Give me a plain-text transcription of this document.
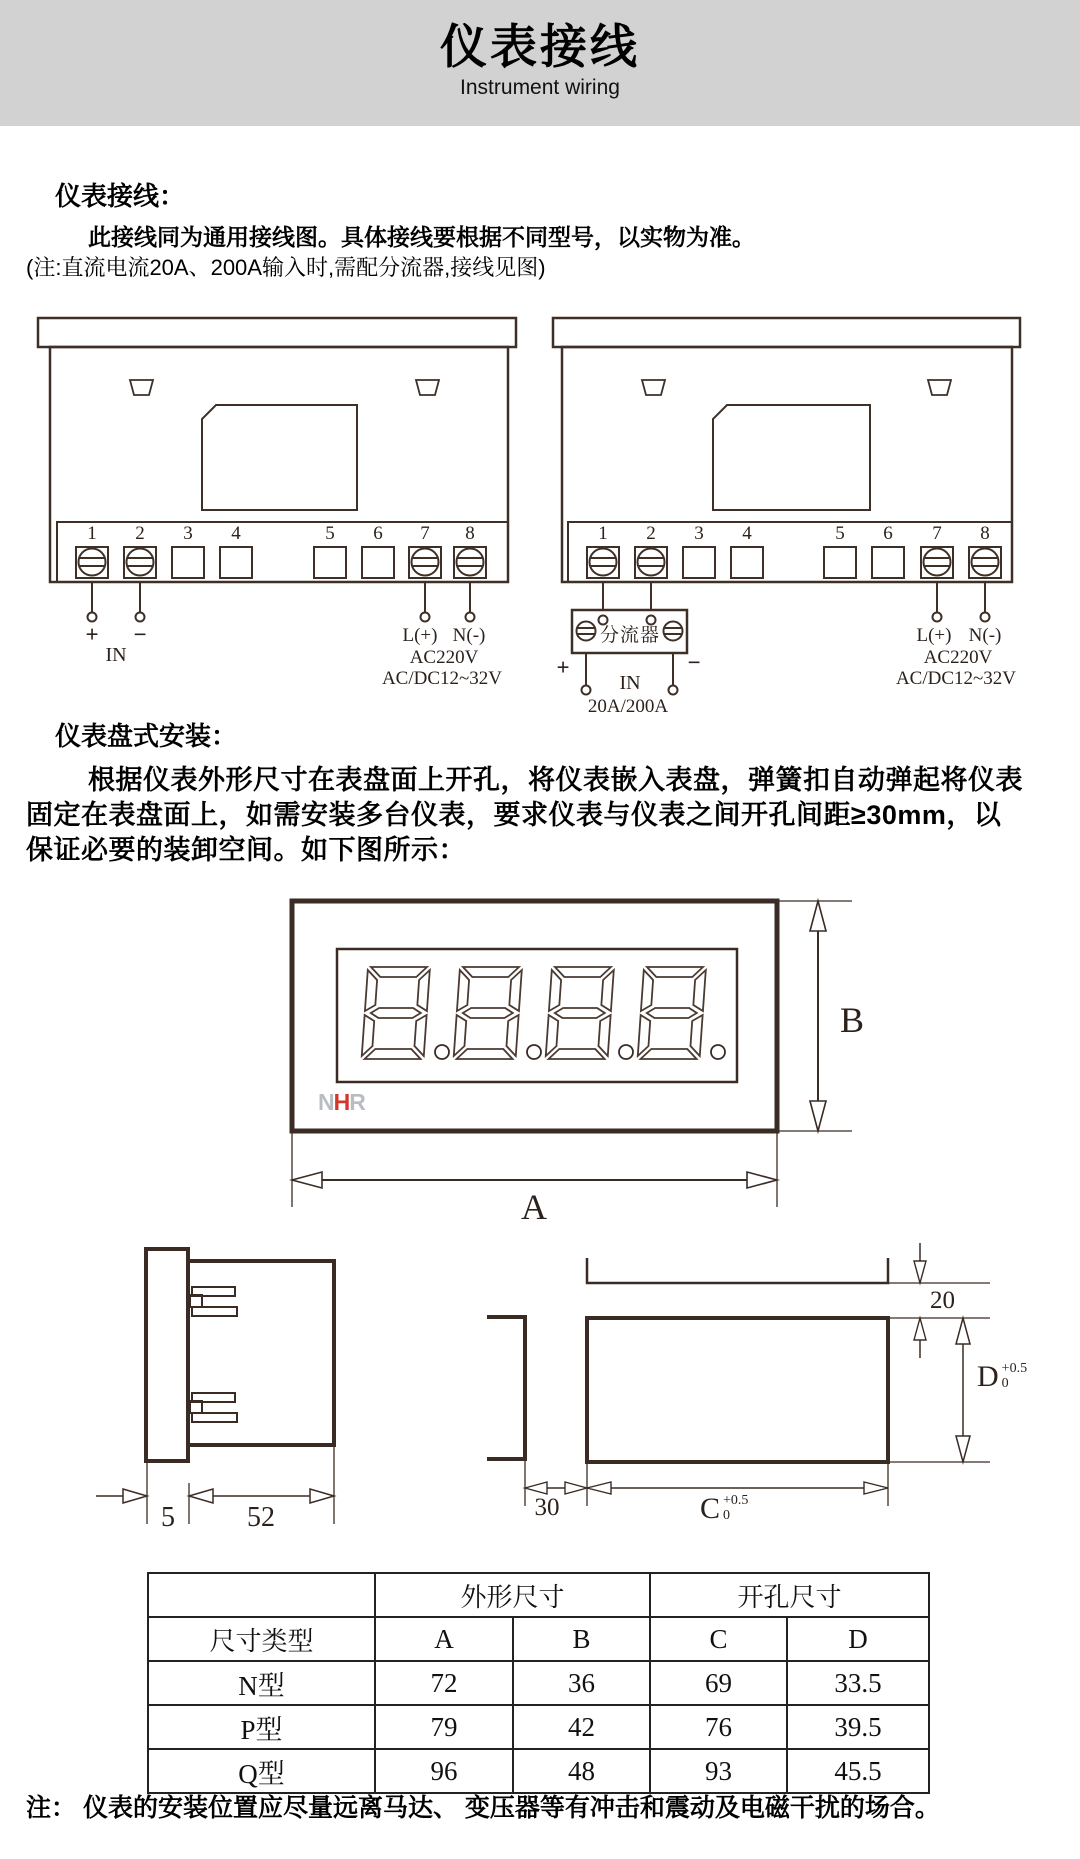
仪表接线
Instrument wiring
仪表接线：
此接线同为通用接线图。具体接线要根据不同型号，以实物为准。
(注:直流电流20A、200A输入时,需配分流器,接线见图)
1	2	3	4	5	6	7	8
+ −
IN
L(+) N(-)
AC220V
AC/DC12~32V
1	2	3	4	5	6	7	8
分流器
+	−
IN
20A/200A
L(+) N(-)
AC220V
AC/DC12~32V
仪表盘式安装：
根据仪表外形尺寸在表盘面上开孔，将仪表嵌入表盘，弹簧扣自动弹起将仪表
固定在表盘面上，如需安装多台仪表，要求仪表与仪表之间开孔间距≥30mm，以
保证必要的装卸空间。如下图所示：
NHR
A
B
5	52	30
20
C +0.5
0
D +0.5
0
	外形尺寸		开孔尺寸	
尺寸类型	A	B	C	D
N型	72	36	69	33.5
P型	79	42	76	39.5
Q型	96	48	93	45.5
注： 仪表的安装位置应尽量远离马达、 变压器等有冲击和震动及电磁干扰的场合。
